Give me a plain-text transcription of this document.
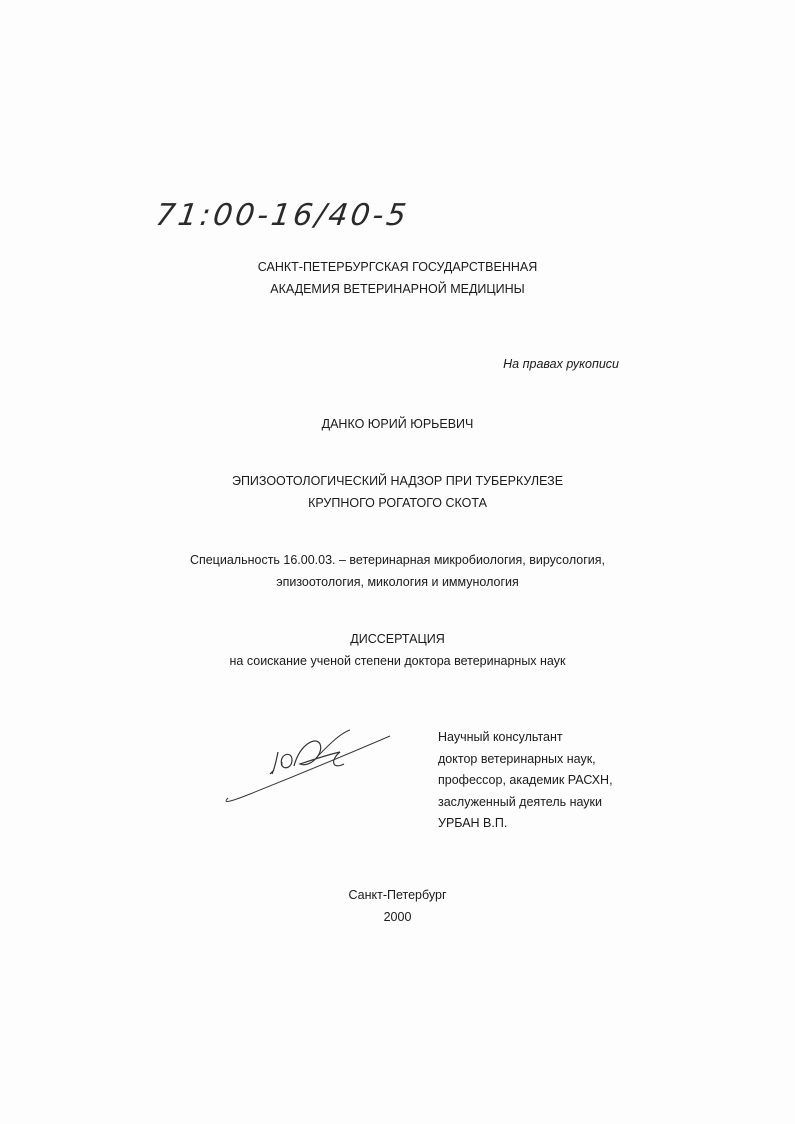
71:00-16/40-5
САНКТ-ПЕТЕРБУРГСКАЯ ГОСУДАРСТВЕННАЯ
АКАДЕМИЯ ВЕТЕРИНАРНОЙ МЕДИЦИНЫ
На правах рукописи
ДАНКО ЮРИЙ ЮРЬЕВИЧ
ЭПИЗООТОЛОГИЧЕСКИЙ НАДЗОР ПРИ ТУБЕРКУЛЕЗЕ
КРУПНОГО РОГАТОГО СКОТА
Специальность 16.00.03. – ветеринарная микробиология, вирусология,
эпизоотология, микология и иммунология
ДИССЕРТАЦИЯ
на соискание ученой степени доктора ветеринарных наук
Научный консультант
доктор ветеринарных наук,
профессор, академик РАСХН,
заслуженный деятель науки
УРБАН В.П.
Санкт-Петербург
2000
